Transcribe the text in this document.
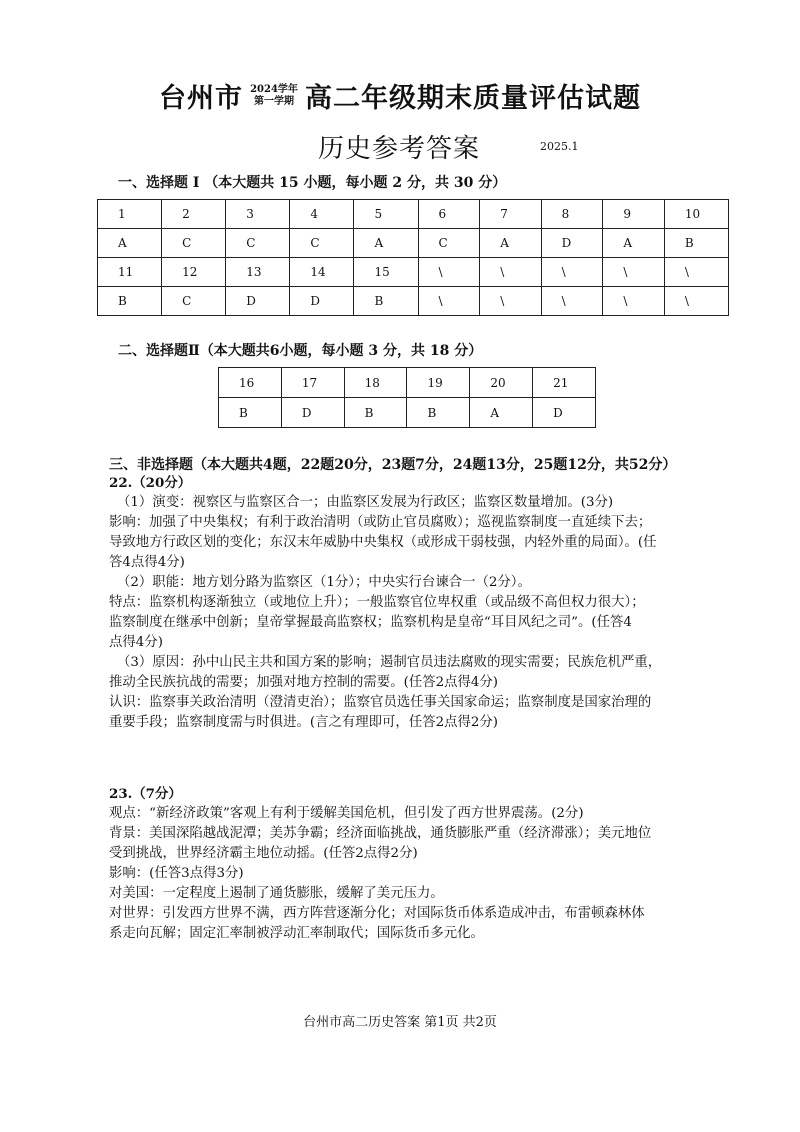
台州市 2024学年
第一学期 高二年级期末质量评估试题
历史参考答案	2025.1
一、选择题 Ⅰ （本大题共 15 小题，每小题 2 分，共 30 分）
1	2	3	4	5	6	7	8	9	10
A	C	C	C	A	C	A	D	A	B
11	12	13	14	15	\	\	\	\	\
B	C	D	D	B	\	\	\	\	\
二、选择题Ⅱ（本大题共6小题，每小题 3 分，共 18 分）
16	17	18	19	20	21
B	D	B	B	A	D
三、非选择题（本大题共4题，22题20分，23题7分，24题13分，25题12分，共52分）
22.（20分）
（1）演变：视察区与监察区合一；由监察区发展为行政区；监察区数量增加。(3分)
影响：加强了中央集权；有利于政治清明（或防止官员腐败）；巡视监察制度一直延续下去；
导致地方行政区划的变化；东汉末年威胁中央集权（或形成干弱枝强，内轻外重的局面）。(任
答4点得4分)
（2）职能：地方划分路为监察区（1分）；中央实行台谏合一（2分）。
特点：监察机构逐渐独立（或地位上升）；一般监察官位卑权重（或品级不高但权力很大）；
监察制度在继承中创新；皇帝掌握最高监察权；监察机构是皇帝“耳目风纪之司”。(任答4
点得4分)
（3）原因：孙中山民主共和国方案的影响；遏制官员违法腐败的现实需要；民族危机严重，
推动全民族抗战的需要；加强对地方控制的需要。(任答2点得4分)
认识：监察事关政治清明（澄清吏治）；监察官员选任事关国家命运；监察制度是国家治理的
重要手段；监察制度需与时俱进。(言之有理即可，任答2点得2分)
23.（7分）
观点：“新经济政策”客观上有利于缓解美国危机，但引发了西方世界震荡。(2分)
背景：美国深陷越战泥潭；美苏争霸；经济面临挑战，通货膨胀严重（经济滞涨）；美元地位
受到挑战，世界经济霸主地位动摇。(任答2点得2分)
影响：(任答3点得3分)
对美国：一定程度上遏制了通货膨胀，缓解了美元压力。
对世界：引发西方世界不满，西方阵营逐渐分化；对国际货币体系造成冲击，布雷顿森林体
系走向瓦解；固定汇率制被浮动汇率制取代；国际货币多元化。
台州市高二历史答案 第1页 共2页
